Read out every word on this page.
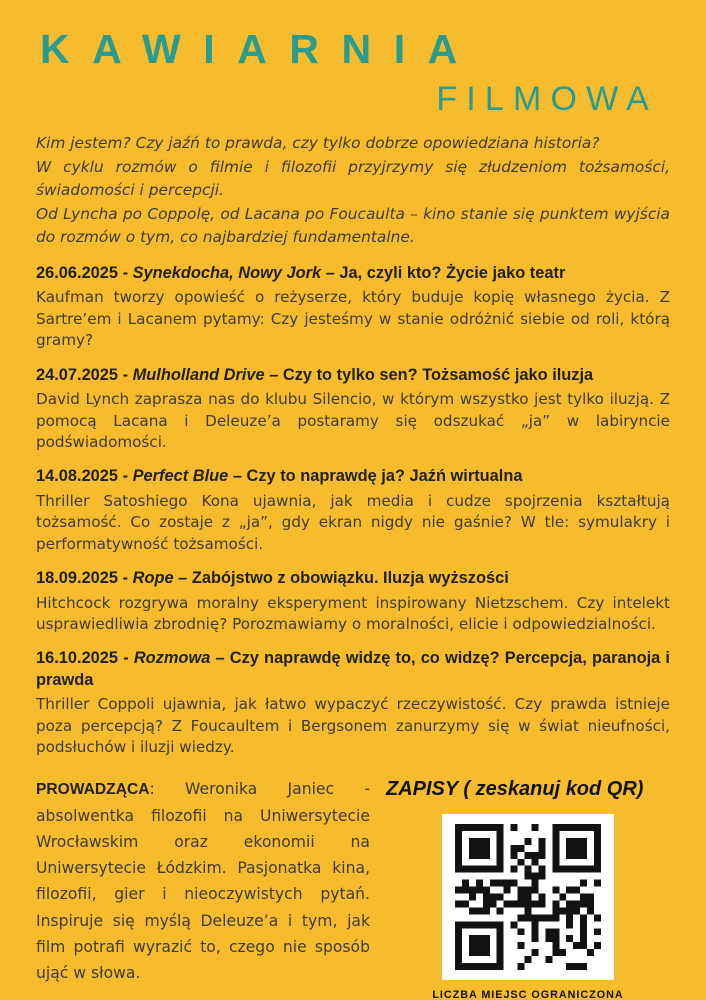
KAWIARNIA
FILMOWA

Kim jestem? Czy jaźń to prawda, czy tylko dobrze opowiedziana historia?

W cyklu rozmów o filmie i filozofii przyjrzymy się złudzeniom tożsamości, świadomości i percepcji.

Od Lyncha po Coppolę, od Lacana po Foucaulta – kino stanie się punktem wyjścia do rozmów o tym, co najbardziej fundamentalne.

26.06.2025 - Synekdocha, Nowy Jork – Ja, czyli kto? Życie jako teatr
Kaufman tworzy opowieść o reżyserze, który buduje kopię własnego życia. Z Sartre’em i Lacanem pytamy: Czy jesteśmy w stanie odróżnić siebie od roli, którą gramy?
24.07.2025 - Mulholland Drive – Czy to tylko sen? Tożsamość jako iluzja
David Lynch zaprasza nas do klubu Silencio, w którym wszystko jest tylko iluzją. Z pomocą Lacana i Deleuze’a postaramy się odszukać „ja” w labiryncie podświadomości.
14.08.2025 - Perfect Blue – Czy to naprawdę ja? Jaźń wirtualna
Thriller Satoshiego Kona ujawnia, jak media i cudze spojrzenia kształtują tożsamość. Co zostaje z „ja”, gdy ekran nigdy nie gaśnie? W tle: symulakry i performatywność tożsamości.
18.09.2025 - Rope – Zabójstwo z obowiązku. Iluzja wyższości
Hitchcock rozgrywa moralny eksperyment inspirowany Nietzschem. Czy intelekt usprawiedliwia zbrodnię? Porozmawiamy o moralności, elicie i odpowiedzialności.
16.10.2025 - Rozmowa – Czy naprawdę widzę to, co widzę? Percepcja, paranoja i prawda
Thriller Coppoli ujawnia, jak łatwo wypaczyć rzeczywistość. Czy prawda istnieje poza percepcją? Z Foucaultem i Bergsonem zanurzymy się w świat nieufności, podsłuchów i iluzji wiedzy.
PROWADZĄCA: Weronika Janiec - absolwentka filozofii na Uniwersytecie Wrocławskim oraz ekonomii na Uniwersytecie Łódzkim. Pasjonatka kina, filozofii, gier i nieoczywistych pytań. Inspiruje się myślą Deleuze’a i tym, jak film potrafi wyrazić to, czego nie sposób ująć w słowa.
ZAPISY ( zeskanuj kod QR)
LICZBA MIEJSC OGRANICZONA
